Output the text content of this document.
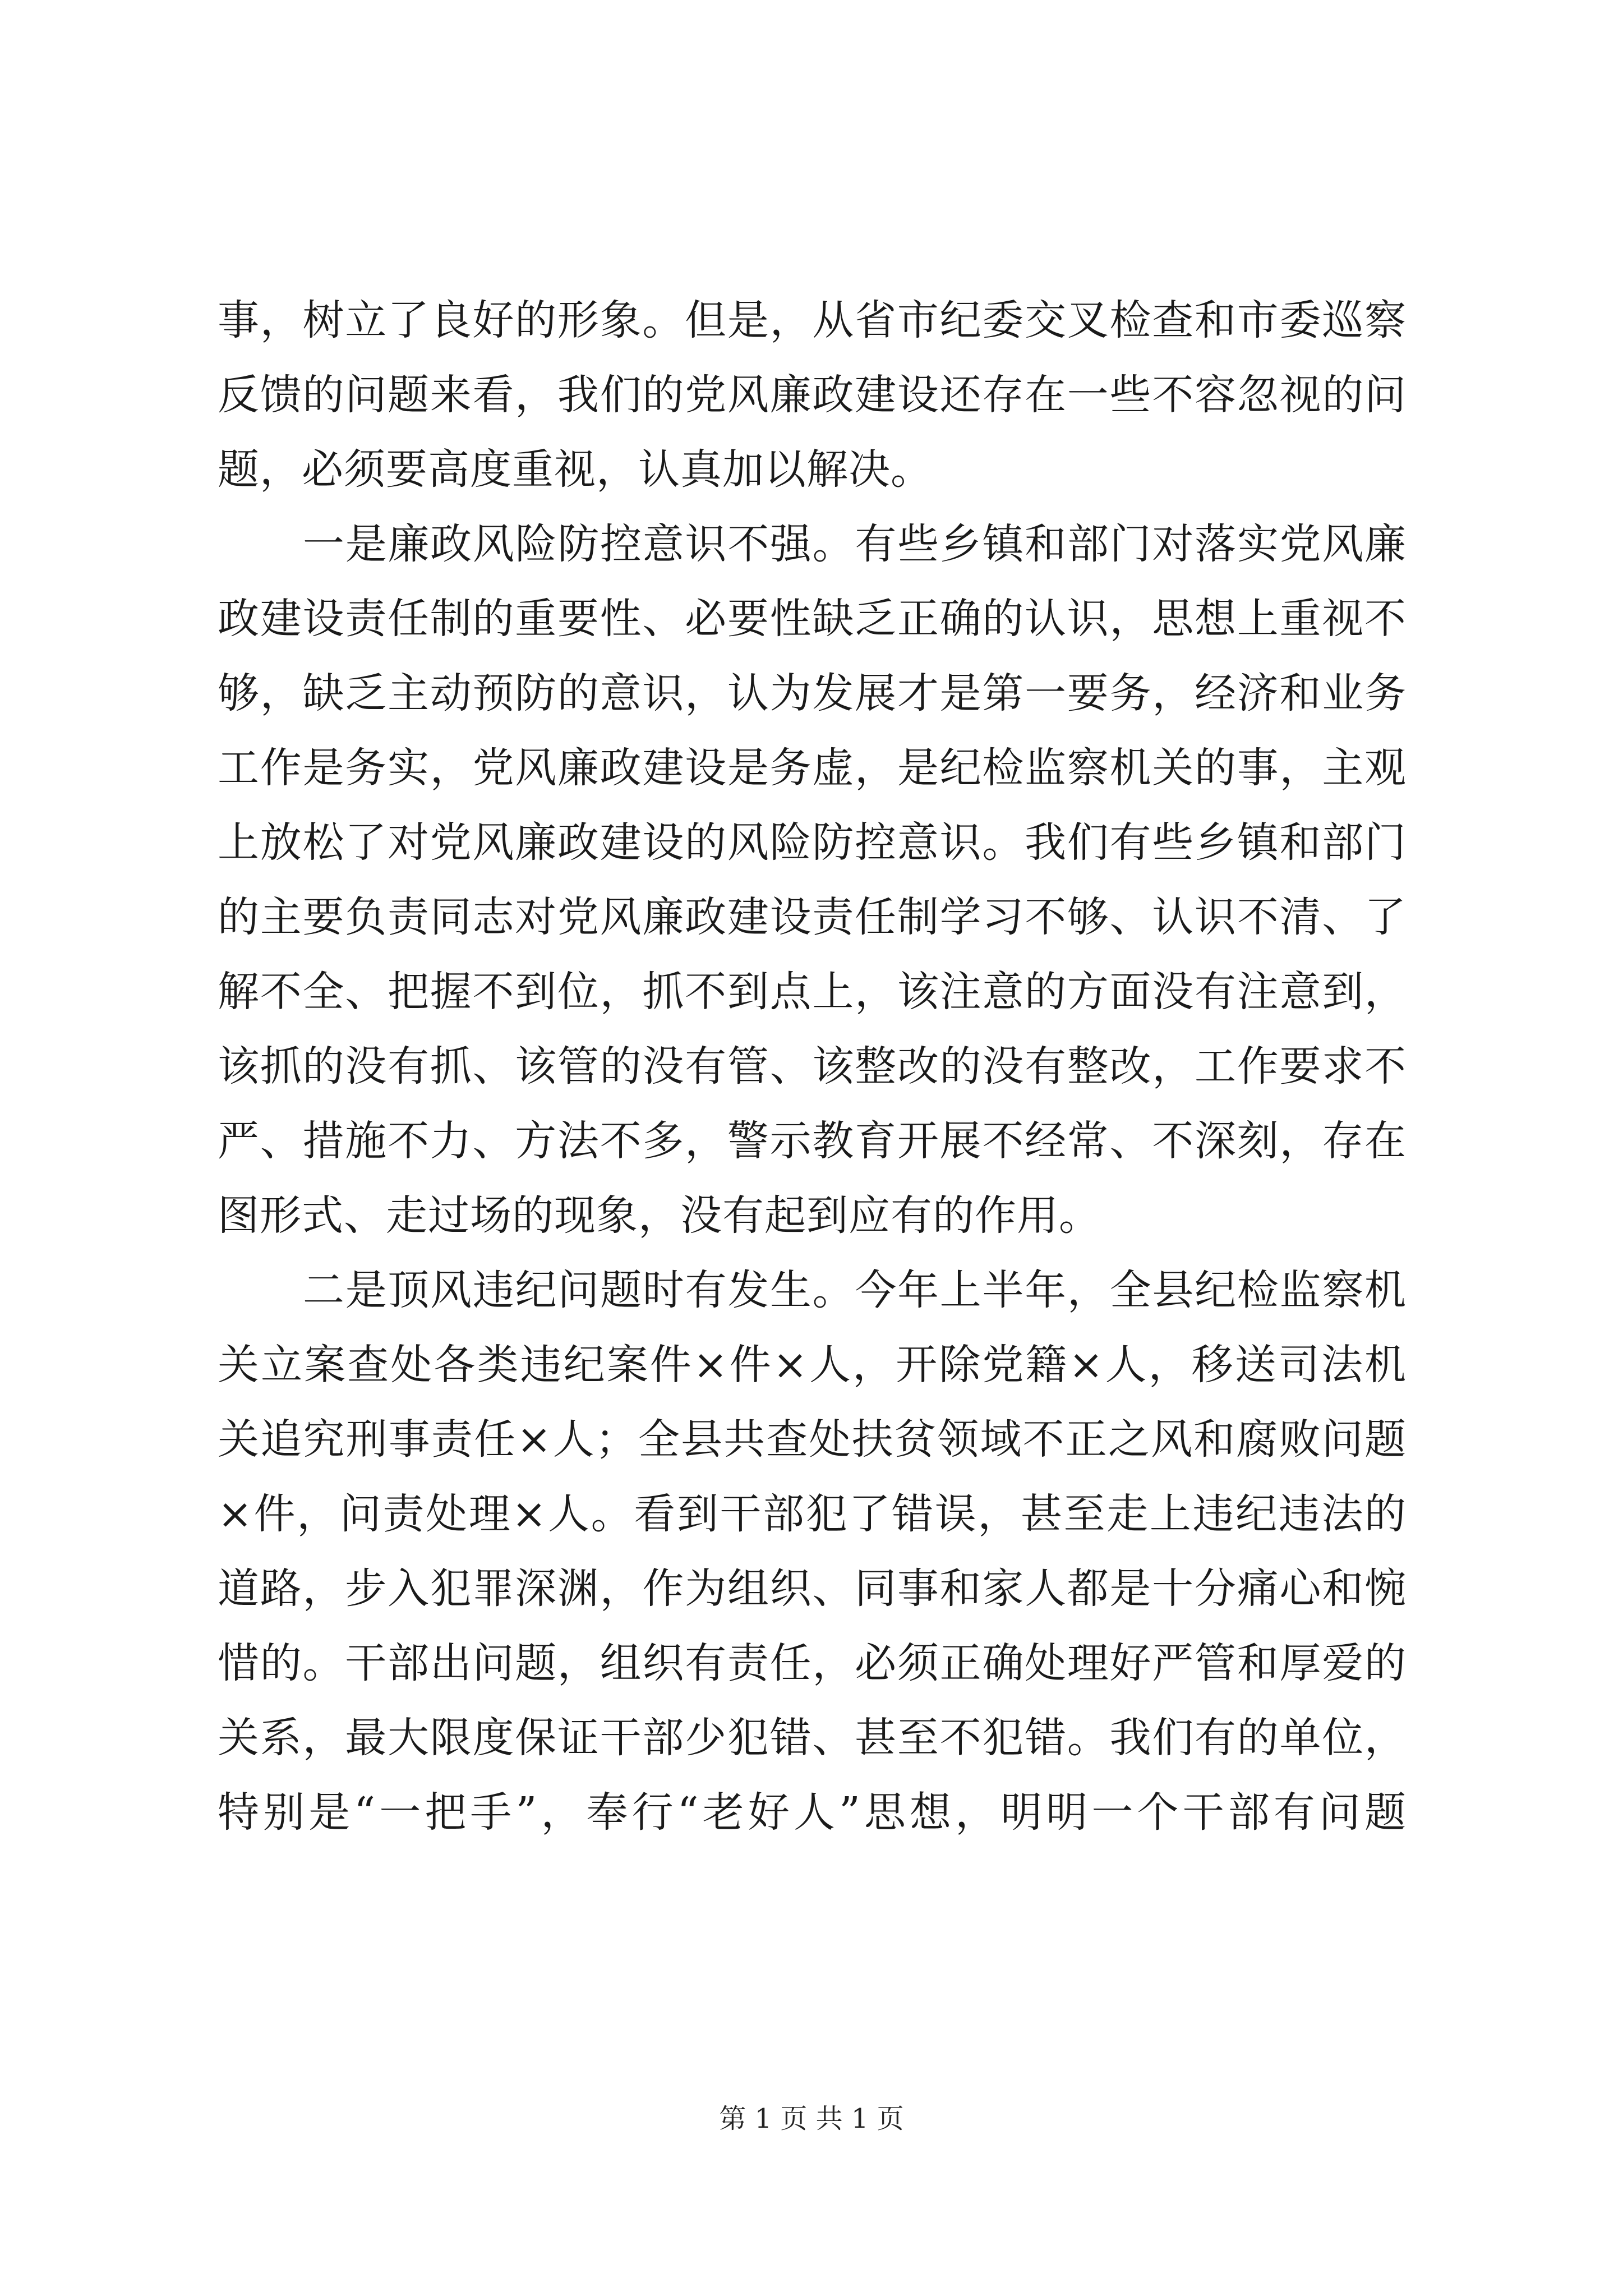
事，树立了良好的形象。但是，从省市纪委交叉检查和市委巡察
反馈的问题来看，我们的党风廉政建设还存在一些不容忽视的问
题，必须要高度重视，认真加以解决。
一是廉政风险防控意识不强。有些乡镇和部门对落实党风廉
政建设责任制的重要性、必要性缺乏正确的认识，思想上重视不
够，缺乏主动预防的意识，认为发展才是第一要务，经济和业务
工作是务实，党风廉政建设是务虚，是纪检监察机关的事，主观
上放松了对党风廉政建设的风险防控意识。我们有些乡镇和部门
的主要负责同志对党风廉政建设责任制学习不够、认识不清、了
解不全、把握不到位，抓不到点上，该注意的方面没有注意到，
该抓的没有抓、该管的没有管、该整改的没有整改，工作要求不
严、措施不力、方法不多，警示教育开展不经常、不深刻，存在
图形式、走过场的现象，没有起到应有的作用。
二是顶风违纪问题时有发生。今年上半年，全县纪检监察机
关立案查处各类违纪案件×件×人，开除党籍×人，移送司法机
关追究刑事责任×人；全县共查处扶贫领域不正之风和腐败问题
×件，问责处理×人。看到干部犯了错误，甚至走上违纪违法的
道路，步入犯罪深渊，作为组织、同事和家人都是十分痛心和惋
惜的。干部出问题，组织有责任，必须正确处理好严管和厚爱的
关系，最大限度保证干部少犯错、甚至不犯错。我们有的单位，
特别是“一把手”，奉行“老好人”思想，明明一个干部有问题
第 1 页 共 1 页
